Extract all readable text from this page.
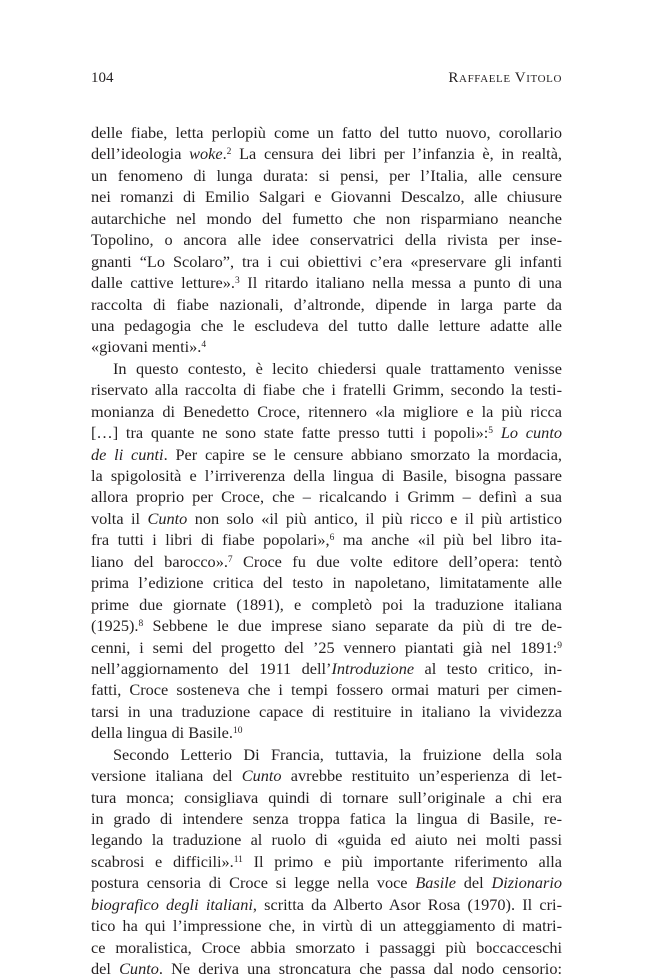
104	Raffaele Vitolo
delle fiabe, letta perlopiù come un fatto del tutto nuovo, corollario
dell’ideologia woke.$^2$ La censura dei libri per l’infanzia è, in realtà,
un fenomeno di lunga durata: si pensi, per l’Italia, alle censure
nei romanzi di Emilio Salgari e Giovanni Descalzo, alle chiusure
autarchiche nel mondo del fumetto che non risparmiano neanche
Topolino, o ancora alle idee conservatrici della rivista per inse-
gnanti “Lo Scolaro”, tra i cui obiettivi c’era «preservare gli infanti
dalle cattive letture».$^3$ Il ritardo italiano nella messa a punto di una
raccolta di fiabe nazionali, d’altronde, dipende in larga parte da
una pedagogia che le escludeva del tutto dalle letture adatte alle
«giovani menti».$^4$
In questo contesto, è lecito chiedersi quale trattamento venisse
riservato alla raccolta di fiabe che i fratelli Grimm, secondo la testi-
monianza di Benedetto Croce, ritennero «la migliore e la più ricca
[…] tra quante ne sono state fatte presso tutti i popoli»:$^5$ Lo cunto
de li cunti. Per capire se le censure abbiano smorzato la mordacia,
la spigolosità e l’irriverenza della lingua di Basile, bisogna passare
allora proprio per Croce, che – ricalcando i Grimm – definì a sua
volta il Cunto non solo «il più antico, il più ricco e il più artistico
fra tutti i libri di fiabe popolari»,$^6$ ma anche «il più bel libro ita-
liano del barocco».$^7$ Croce fu due volte editore dell’opera: tentò
prima l’edizione critica del testo in napoletano, limitatamente alle
prime due giornate (1891), e completò poi la traduzione italiana
(1925).$^8$ Sebbene le due imprese siano separate da più di tre de-
cenni, i semi del progetto del ’25 vennero piantati già nel 1891:$^9$
nell’aggiornamento del 1911 dell’Introduzione al testo critico, in-
fatti, Croce sosteneva che i tempi fossero ormai maturi per cimen-
tarsi in una traduzione capace di restituire in italiano la vividezza
della lingua di Basile.$^{10}$
Secondo Letterio Di Francia, tuttavia, la fruizione della sola
versione italiana del Cunto avrebbe restituito un’esperienza di let-
tura monca; consigliava quindi di tornare sull’originale a chi era
in grado di intendere senza troppa fatica la lingua di Basile, re-
legando la traduzione al ruolo di «guida ed aiuto nei molti passi
scabrosi e difficili».$^{11}$ Il primo e più importante riferimento alla
postura censoria di Croce si legge nella voce Basile del Dizionario
biografico degli italiani, scritta da Alberto Asor Rosa (1970). Il cri-
tico ha qui l’impressione che, in virtù di un atteggiamento di matri-
ce moralistica, Croce abbia smorzato i passaggi più boccacceschi
del Cunto. Ne deriva una stroncatura che passa dal nodo censorio:
